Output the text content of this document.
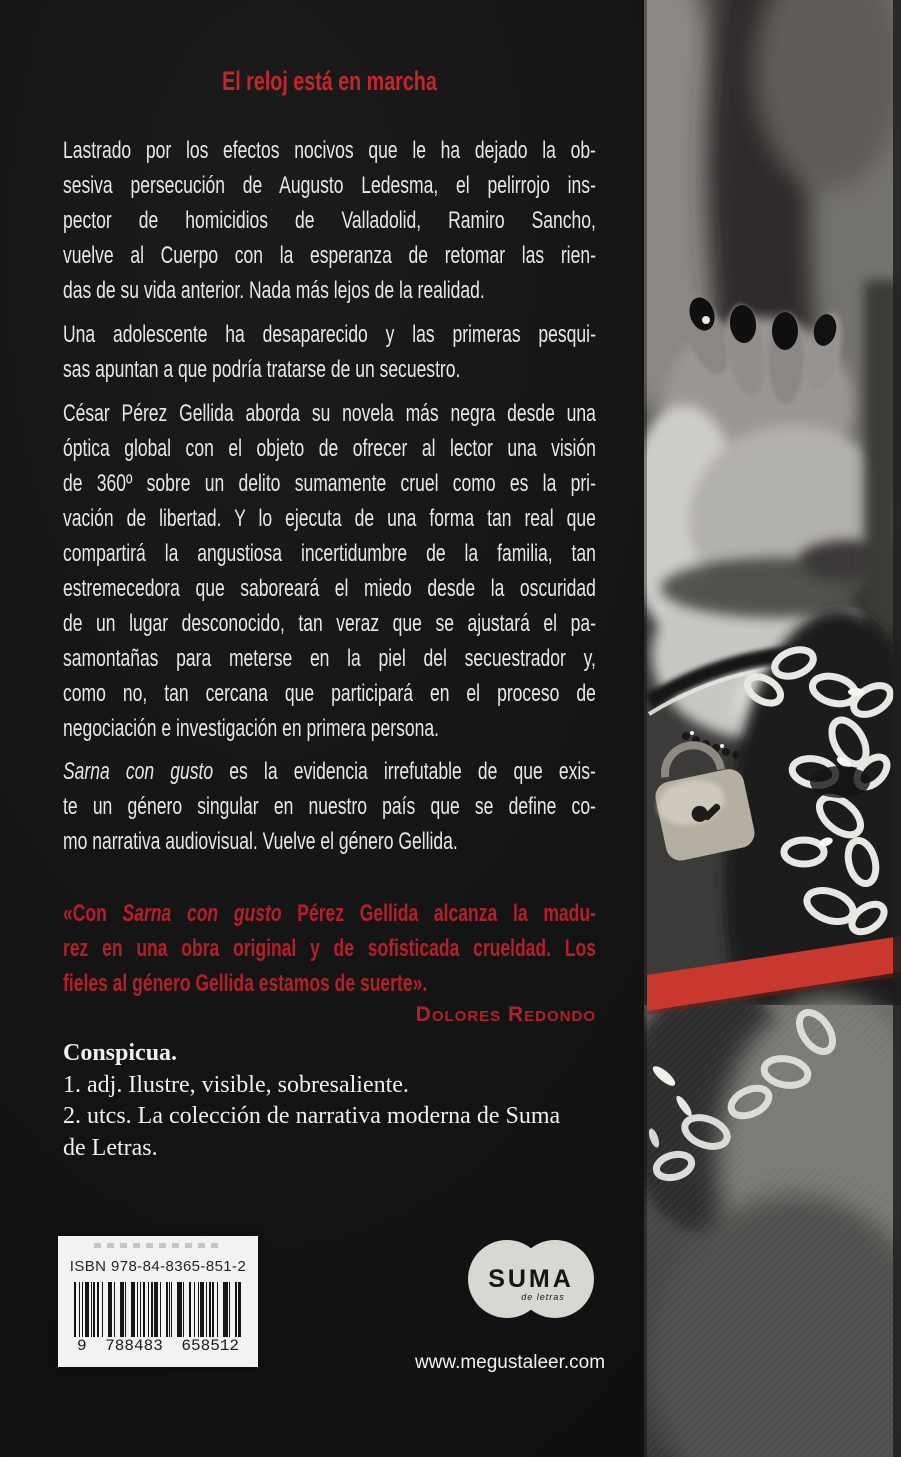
El reloj está en marcha
Lastrado por los efectos nocivos que le ha dejado la ob-
sesiva persecución de Augusto Ledesma, el pelirrojo ins-
pector de homicidios de Valladolid, Ramiro Sancho,
vuelve al Cuerpo con la esperanza de retomar las rien-
das de su vida anterior. Nada más lejos de la realidad.
Una adolescente ha desaparecido y las primeras pesqui-
sas apuntan a que podría tratarse de un secuestro.
César Pérez Gellida aborda su novela más negra desde una
óptica global con el objeto de ofrecer al lector una visión
de 360º sobre un delito sumamente cruel como es la pri-
vación de libertad. Y lo ejecuta de una forma tan real que
compartirá la angustiosa incertidumbre de la familia, tan
estremecedora que saboreará el miedo desde la oscuridad
de un lugar desconocido, tan veraz que se ajustará el pa-
samontañas para meterse en la piel del secuestrador y,
como no, tan cercana que participará en el proceso de
negociación e investigación en primera persona.
Sarna con gusto es la evidencia irrefutable de que exis-
te un género singular en nuestro país que se define co-
mo narrativa audiovisual. Vuelve el género Gellida.
«Con Sarna con gusto Pérez Gellida alcanza la madu-
rez en una obra original y de sofisticada crueldad. Los
fieles al género Gellida estamos de suerte».
Dolores Redondo
Conspicua.
1. adj. Ilustre, visible, sobresaliente.
2. utcs. La colección de narrativa moderna de Suma
de Letras.
ISBN 978-84-8365-851-2
9 788483 658512
SUMA
de letras
www.megustaleer.com
